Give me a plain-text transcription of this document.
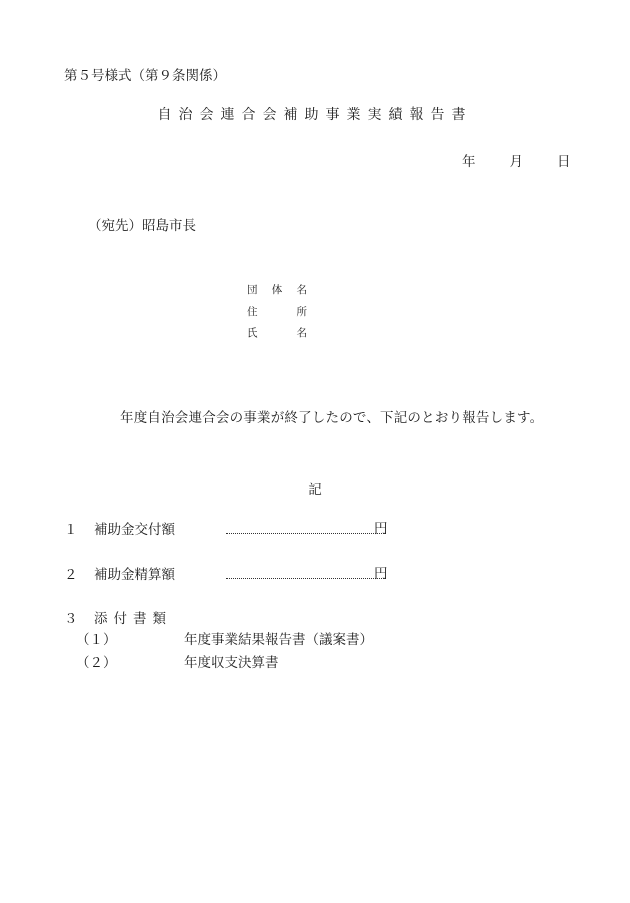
第５号様式（第９条関係）
自治会連合会補助事業実績報告書
年	月	日
（宛先）昭島市長
団体名
住所
氏名
年度自治会連合会の事業が終了したので、下記のとおり報告します。
記
１ 補助金交付額	円
２ 補助金精算額	円
３ 添付書類
（１）	年度事業結果報告書（議案書）
（２）	年度収支決算書
